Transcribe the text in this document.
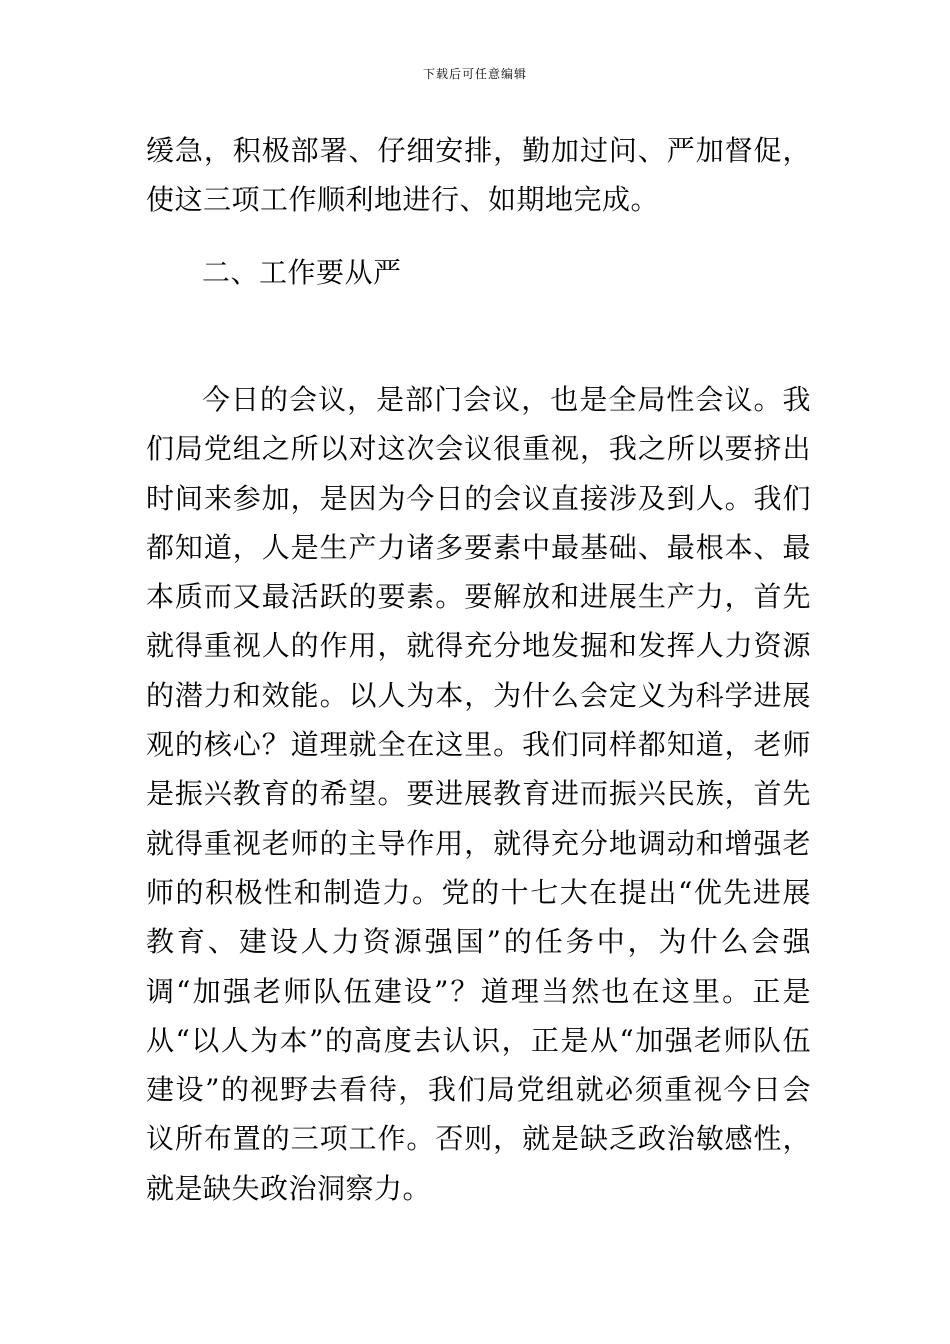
下载后可任意编辑

缓急，积极部署、仔细安排，勤加过问、严加督促，使这三项工作顺利地进行、如期地完成。

二、工作要从严

今日的会议，是部门会议，也是全局性会议。我们局党组之所以对这次会议很重视，我之所以要挤出时间来参加，是因为今日的会议直接涉及到人。我们都知道，人是生产力诸多要素中最基础、最根本、最本质而又最活跃的要素。要解放和进展生产力，首先就得重视人的作用，就得充分地发掘和发挥人力资源的潜力和效能。以人为本，为什么会定义为科学进展观的核心？道理就全在这里。我们同样都知道，老师是振兴教育的希望。要进展教育进而振兴民族，首先就得重视老师的主导作用，就得充分地调动和增强老师的积极性和制造力。党的十七大在提出“优先进展教育、建设人力资源强国”的任务中，为什么会强调“加强老师队伍建设”？道理当然也在这里。正是从“以人为本”的高度去认识，正是从“加强老师队伍建设”的视野去看待，我们局党组就必须重视今日会议所布置的三项工作。否则，就是缺乏政治敏感性，就是缺失政治洞察力。
